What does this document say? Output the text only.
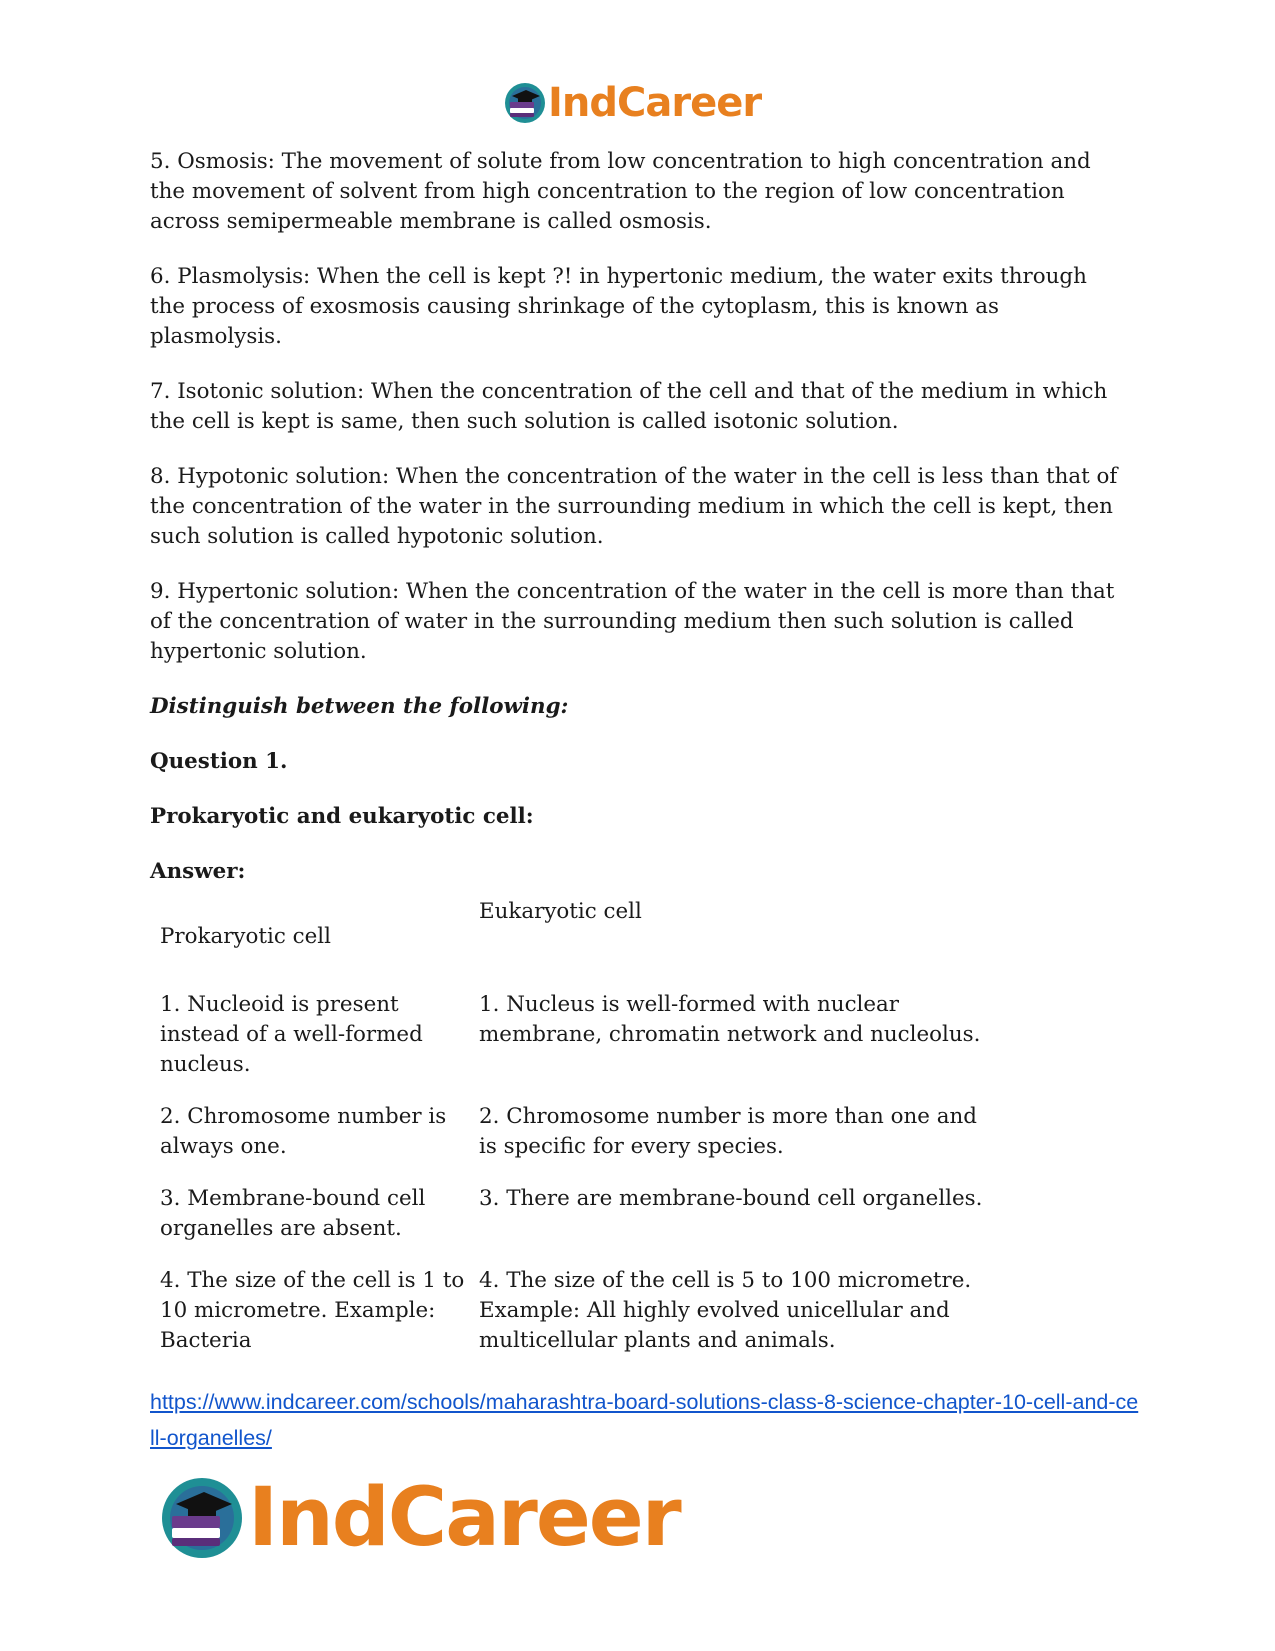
IndCareer

5. Osmosis: The movement of solute from low concentration to high concentration and the movement of solvent from high concentration to the region of low concentration across semipermeable membrane is called osmosis.

6. Plasmolysis: When the cell is kept ?! in hypertonic medium, the water exits through the process of exosmosis causing shrinkage of the cytoplasm, this is known as plasmolysis.

7. Isotonic solution: When the concentration of the cell and that of the medium in which the cell is kept is same, then such solution is called isotonic solution.

8. Hypotonic solution: When the concentration of the water in the cell is less than that of the concentration of the water in the surrounding medium in which the cell is kept, then such solution is called hypotonic solution.

9. Hypertonic solution: When the concentration of the water in the cell is more than that of the concentration of water in the surrounding medium then such solution is called hypertonic solution.

Distinguish between the following:

Question 1.

Prokaryotic and eukaryotic cell:

Answer:

Prokaryotic cell
Eukaryotic cell
1. Nucleoid is present instead of a well-formed nucleus.
1. Nucleus is well-formed with nuclear membrane, chromatin network and nucleolus.
2. Chromosome number is always one.
2. Chromosome number is more than one and is specific for every species.
3. Membrane-bound cell organelles are absent.
3. There are membrane-bound cell organelles.
4. The size of the cell is 1 to 10 micrometre. Example: Bacteria
4. The size of the cell is 5 to 100 micrometre. Example: All highly evolved unicellular and multicellular plants and animals.
https://www.indcareer.com/schools/maharashtra-board-solutions-class-8-science-chapter-10-cell-and-cell-organelles/
IndCareer
